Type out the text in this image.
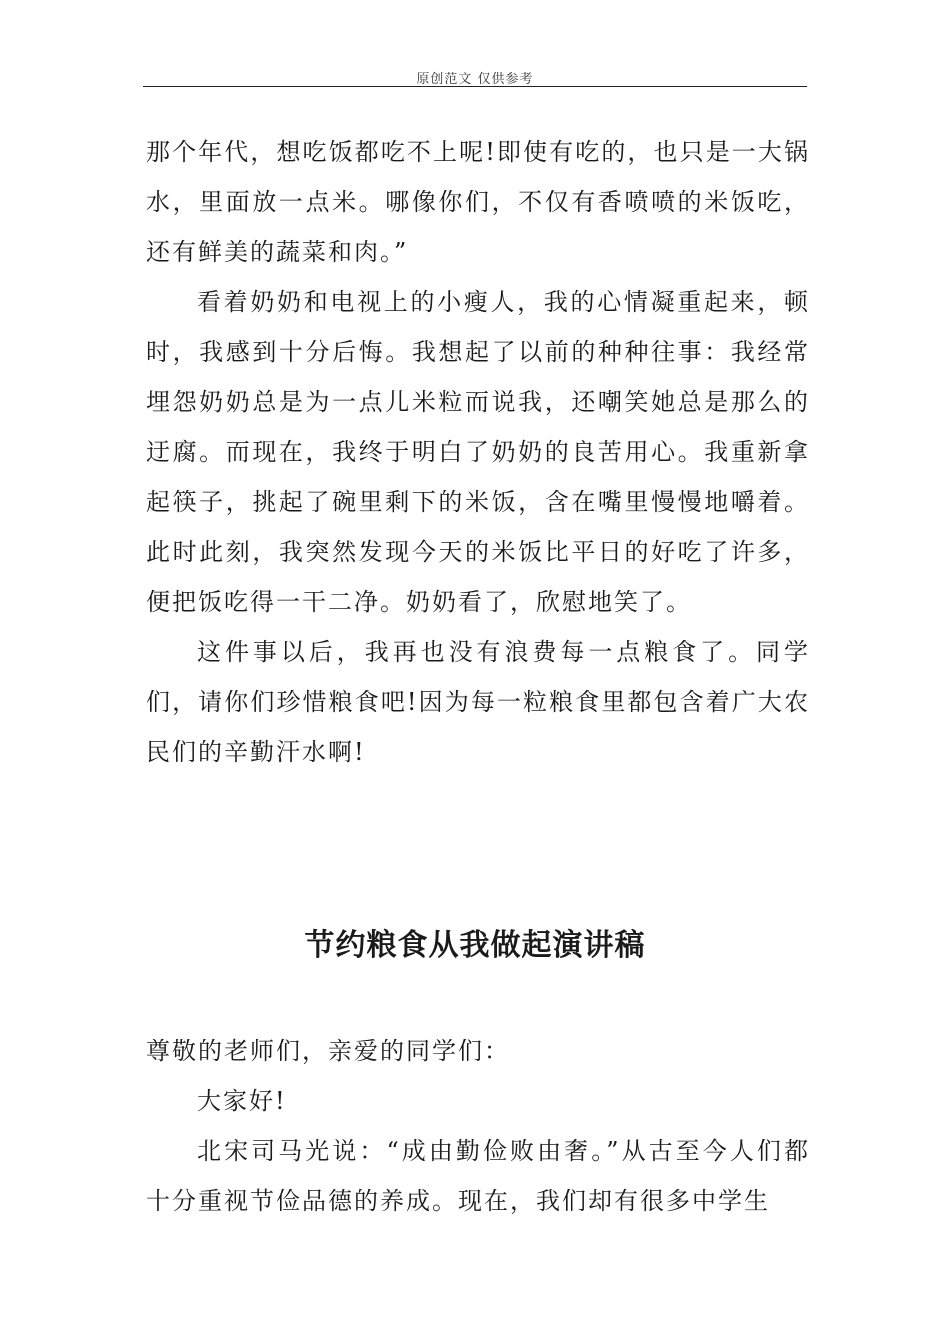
原创范文 仅供参考
那个年代，想吃饭都吃不上呢!即使有吃的，也只是一大锅水，里面放一点米。哪像你们，不仅有香喷喷的米饭吃，还有鲜美的蔬菜和肉。”
看着奶奶和电视上的小瘦人，我的心情凝重起来，顿时，我感到十分后悔。我想起了以前的种种往事：我经常埋怨奶奶总是为一点儿米粒而说我，还嘲笑她总是那么的迂腐。而现在，我终于明白了奶奶的良苦用心。我重新拿起筷子，挑起了碗里剩下的米饭，含在嘴里慢慢地嚼着。此时此刻，我突然发现今天的米饭比平日的好吃了许多，便把饭吃得一干二净。奶奶看了，欣慰地笑了。
这件事以后，我再也没有浪费每一点粮食了。同学们，请你们珍惜粮食吧!因为每一粒粮食里都包含着广大农民们的辛勤汗水啊!
节约粮食从我做起演讲稿
尊敬的老师们，亲爱的同学们：
大家好!
北宋司马光说：“成由勤俭败由奢。”从古至今人们都十分重视节俭品德的养成。现在，我们却有很多中学生
